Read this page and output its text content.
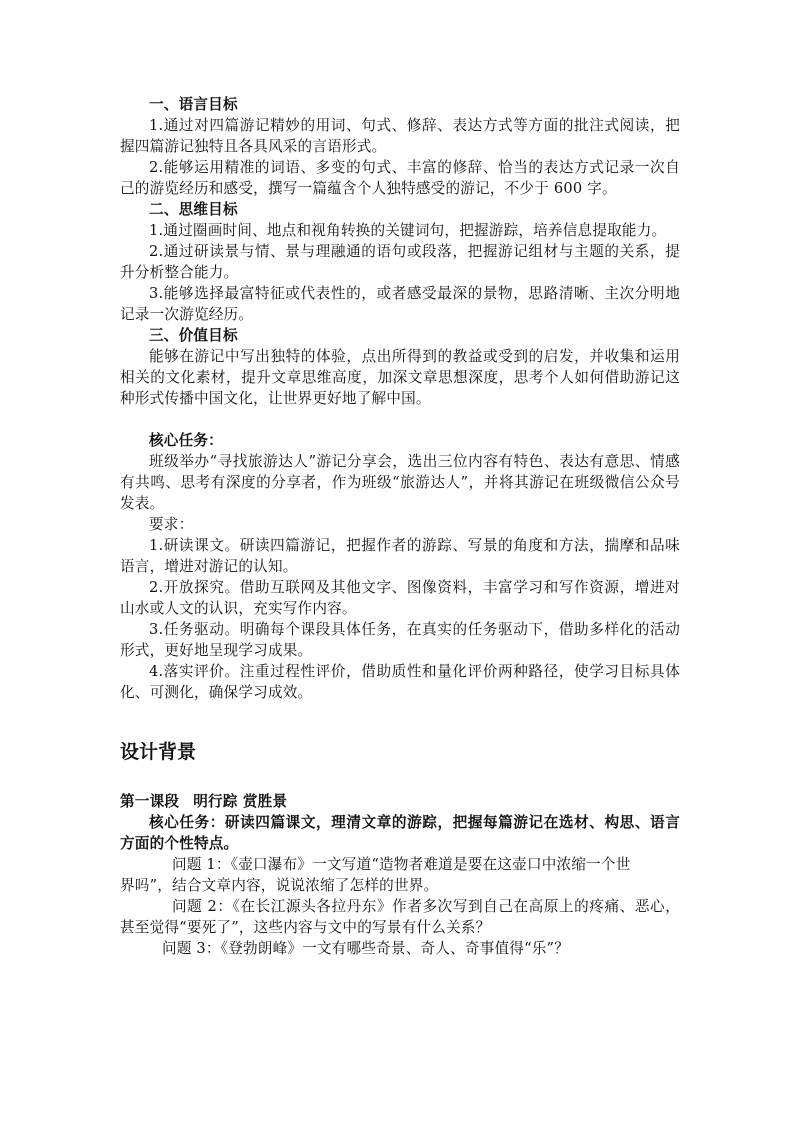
一、语言目标

1.通过对四篇游记精妙的用词、句式、修辞、表达方式等方面的批注式阅读，把握四篇游记独特且各具风采的言语形式。

2.能够运用精准的词语、多变的句式、丰富的修辞、恰当的表达方式记录一次自己的游览经历和感受，撰写一篇蕴含个人独特感受的游记，不少于 600 字。

二、思维目标

1.通过圈画时间、地点和视角转换的关键词句，把握游踪，培养信息提取能力。

2.通过研读景与情、景与理融通的语句或段落，把握游记组材与主题的关系，提升分析整合能力。

3.能够选择最富特征或代表性的，或者感受最深的景物，思路清晰、主次分明地记录一次游览经历。

三、价值目标

能够在游记中写出独特的体验，点出所得到的教益或受到的启发，并收集和运用相关的文化素材，提升文章思维高度，加深文章思想深度，思考个人如何借助游记这种形式传播中国文化，让世界更好地了解中国。

核心任务：

班级举办“寻找旅游达人”游记分享会，选出三位内容有特色、表达有意思、情感有共鸣、思考有深度的分享者，作为班级“旅游达人”，并将其游记在班级微信公众号发表。

要求：

1.研读课文。研读四篇游记，把握作者的游踪、写景的角度和方法，揣摩和品味语言，增进对游记的认知。

2.开放探究。借助互联网及其他文字、图像资料，丰富学习和写作资源，增进对山水或人文的认识，充实写作内容。

3.任务驱动。明确每个课段具体任务，在真实的任务驱动下，借助多样化的活动形式，更好地呈现学习成果。

4.落实评价。注重过程性评价，借助质性和量化评价两种路径，使学习目标具体化、可测化，确保学习成效。

设计背景

第一课段 明行踪 赏胜景

核心任务：研读四篇课文，理清文章的游踪，把握每篇游记在选材、构思、语言方面的个性特点。

问题 1：《壶口瀑布》一文写道“造物者难道是要在这壶口中浓缩一个世

界吗”，结合文章内容，说说浓缩了怎样的世界。

问题 2：《在长江源头各拉丹东》作者多次写到自己在高原上的疼痛、恶心，甚至觉得“要死了”，这些内容与文中的写景有什么关系？

问题 3：《登勃朗峰》一文有哪些奇景、奇人、奇事值得“乐”？
